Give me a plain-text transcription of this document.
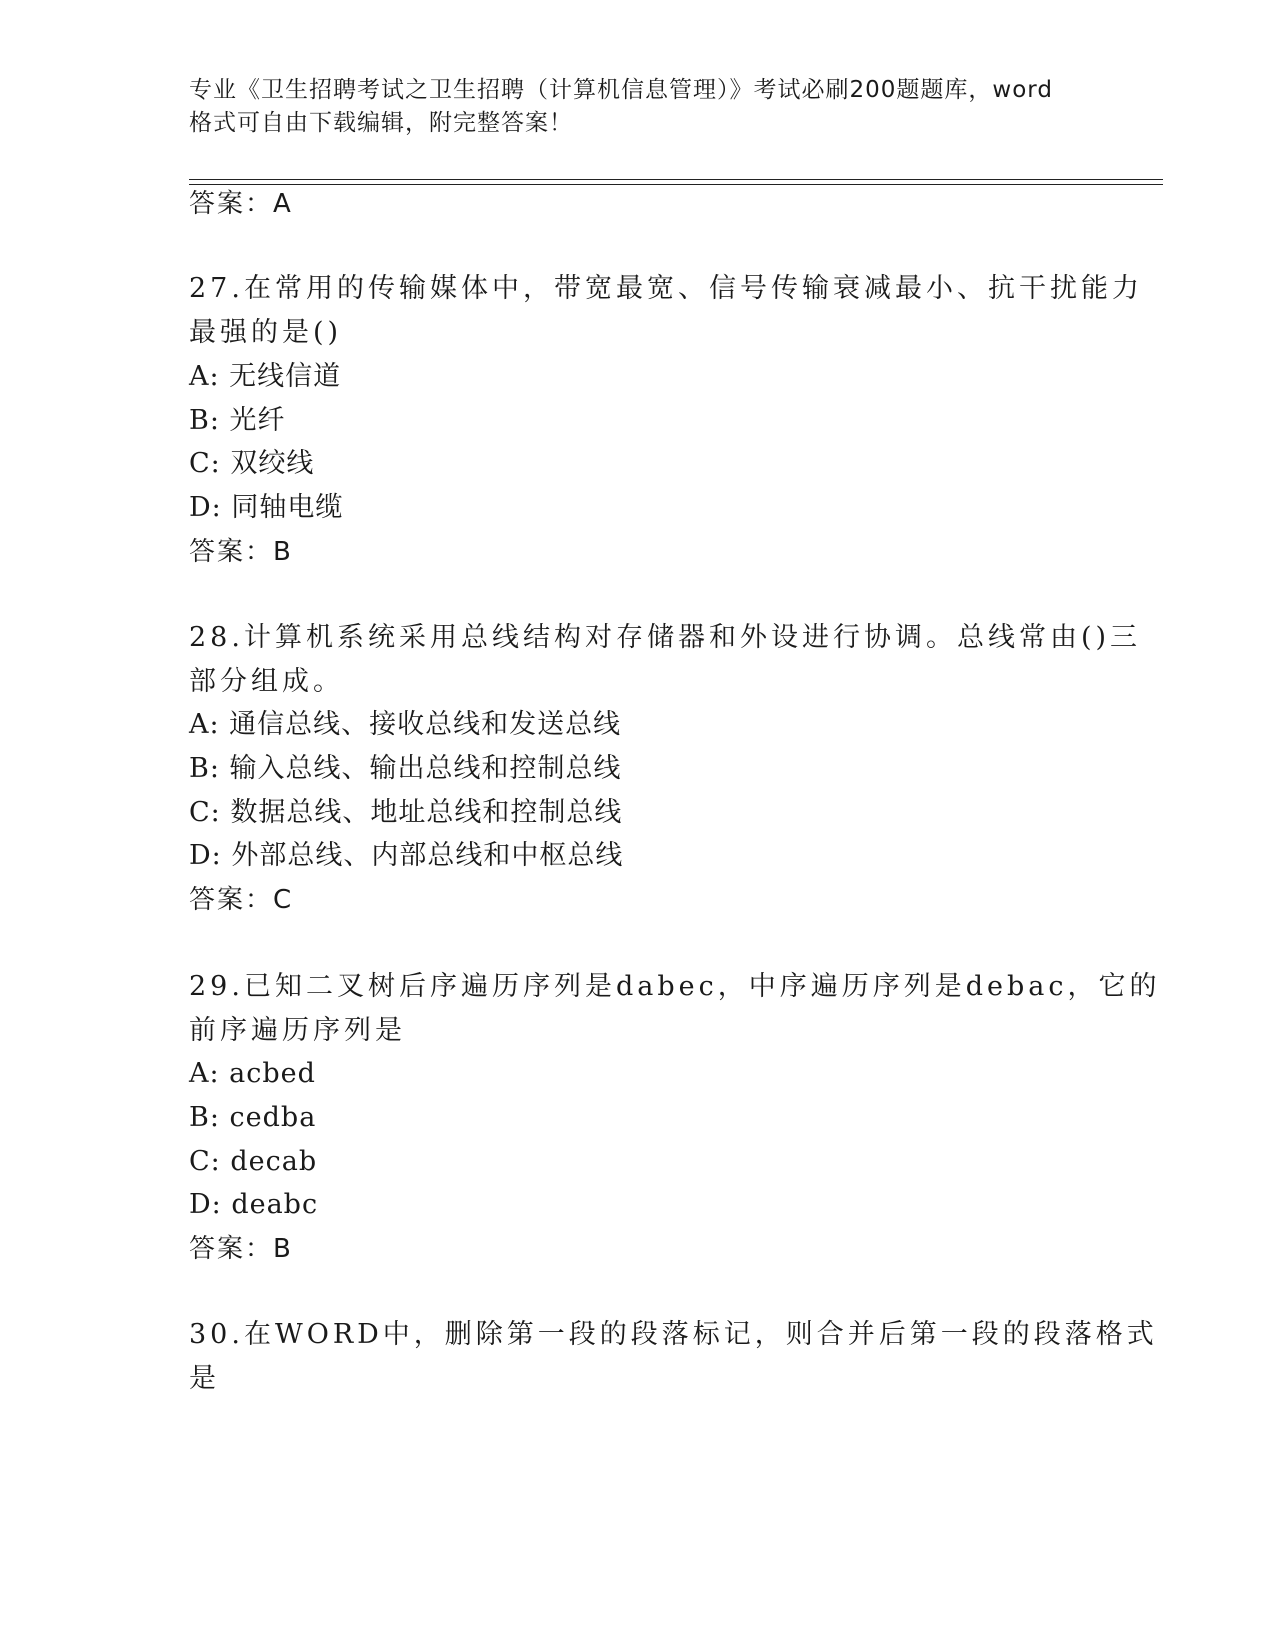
专业《卫生招聘考试之卫生招聘（计算机信息管理）》考试必刷200题题库，word
格式可自由下载编辑，附完整答案！
答案：A
27.在常用的传输媒体中，带宽最宽、信号传输衰减最小、抗干扰能力
最强的是()
A: 无线信道
B: 光纤
C: 双绞线
D: 同轴电缆
答案：B
28.计算机系统采用总线结构对存储器和外设进行协调。总线常由()三
部分组成。
A: 通信总线、接收总线和发送总线
B: 输入总线、输出总线和控制总线
C: 数据总线、地址总线和控制总线
D: 外部总线、内部总线和中枢总线
答案：C
29.已知二叉树后序遍历序列是dabec，中序遍历序列是debac，它的
前序遍历序列是
A: acbed
B: cedba
C: decab
D: deabc
答案：B
30.在WORD中，删除第一段的段落标记，则合并后第一段的段落格式
是
